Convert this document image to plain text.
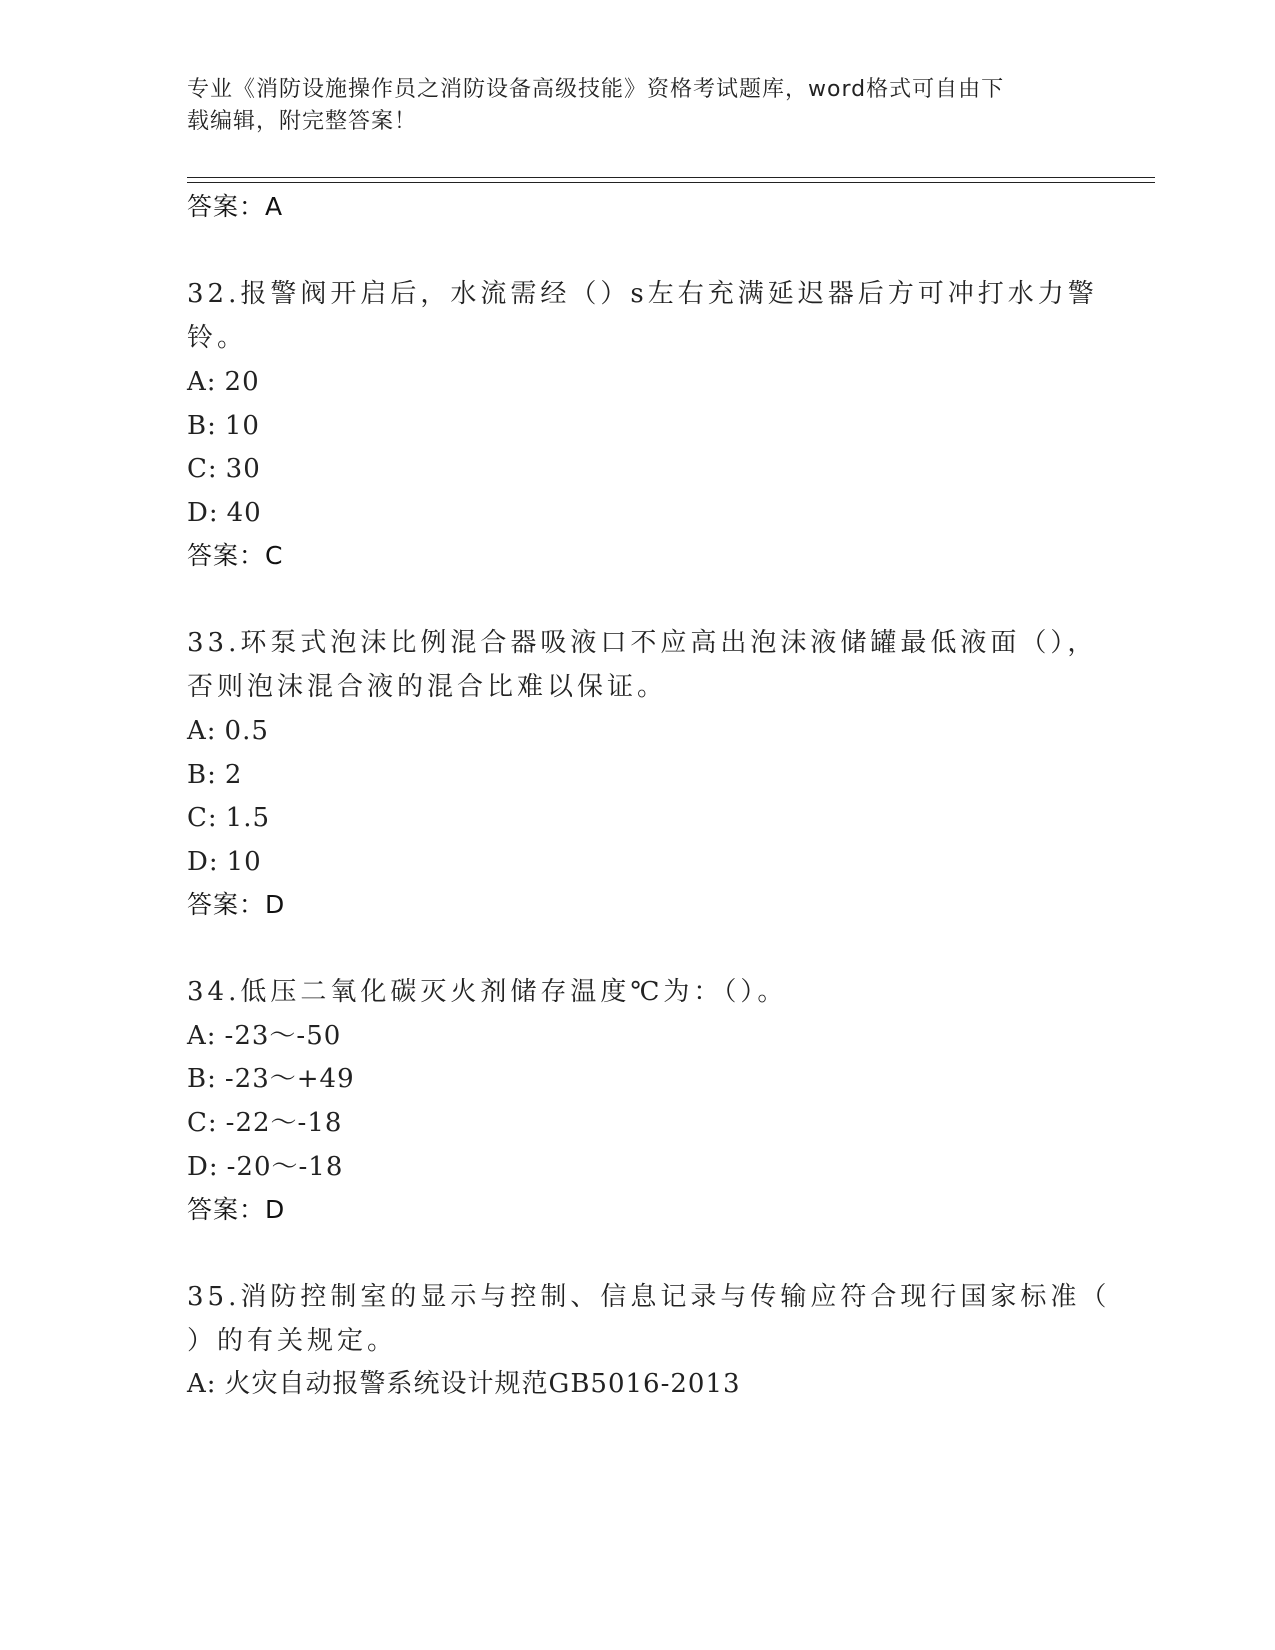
专业《消防设施操作员之消防设备高级技能》资格考试题库，word格式可自由下
载编辑，附完整答案！
答案：A
32.报警阀开启后，水流需经（）s左右充满延迟器后方可冲打水力警
铃。
A: 20
B: 10
C: 30
D: 40
答案：C
33.环泵式泡沫比例混合器吸液口不应高出泡沫液储罐最低液面（），
否则泡沫混合液的混合比难以保证。
A: 0.5
B: 2
C: 1.5
D: 10
答案：D
34.低压二氧化碳灭火剂储存温度℃为：（）。
A: -23～-50
B: -23～+49
C: -22～-18
D: -20～-18
答案：D
35.消防控制室的显示与控制、信息记录与传输应符合现行国家标准（
）的有关规定。
A: 火灾自动报警系统设计规范GB5016-2013
